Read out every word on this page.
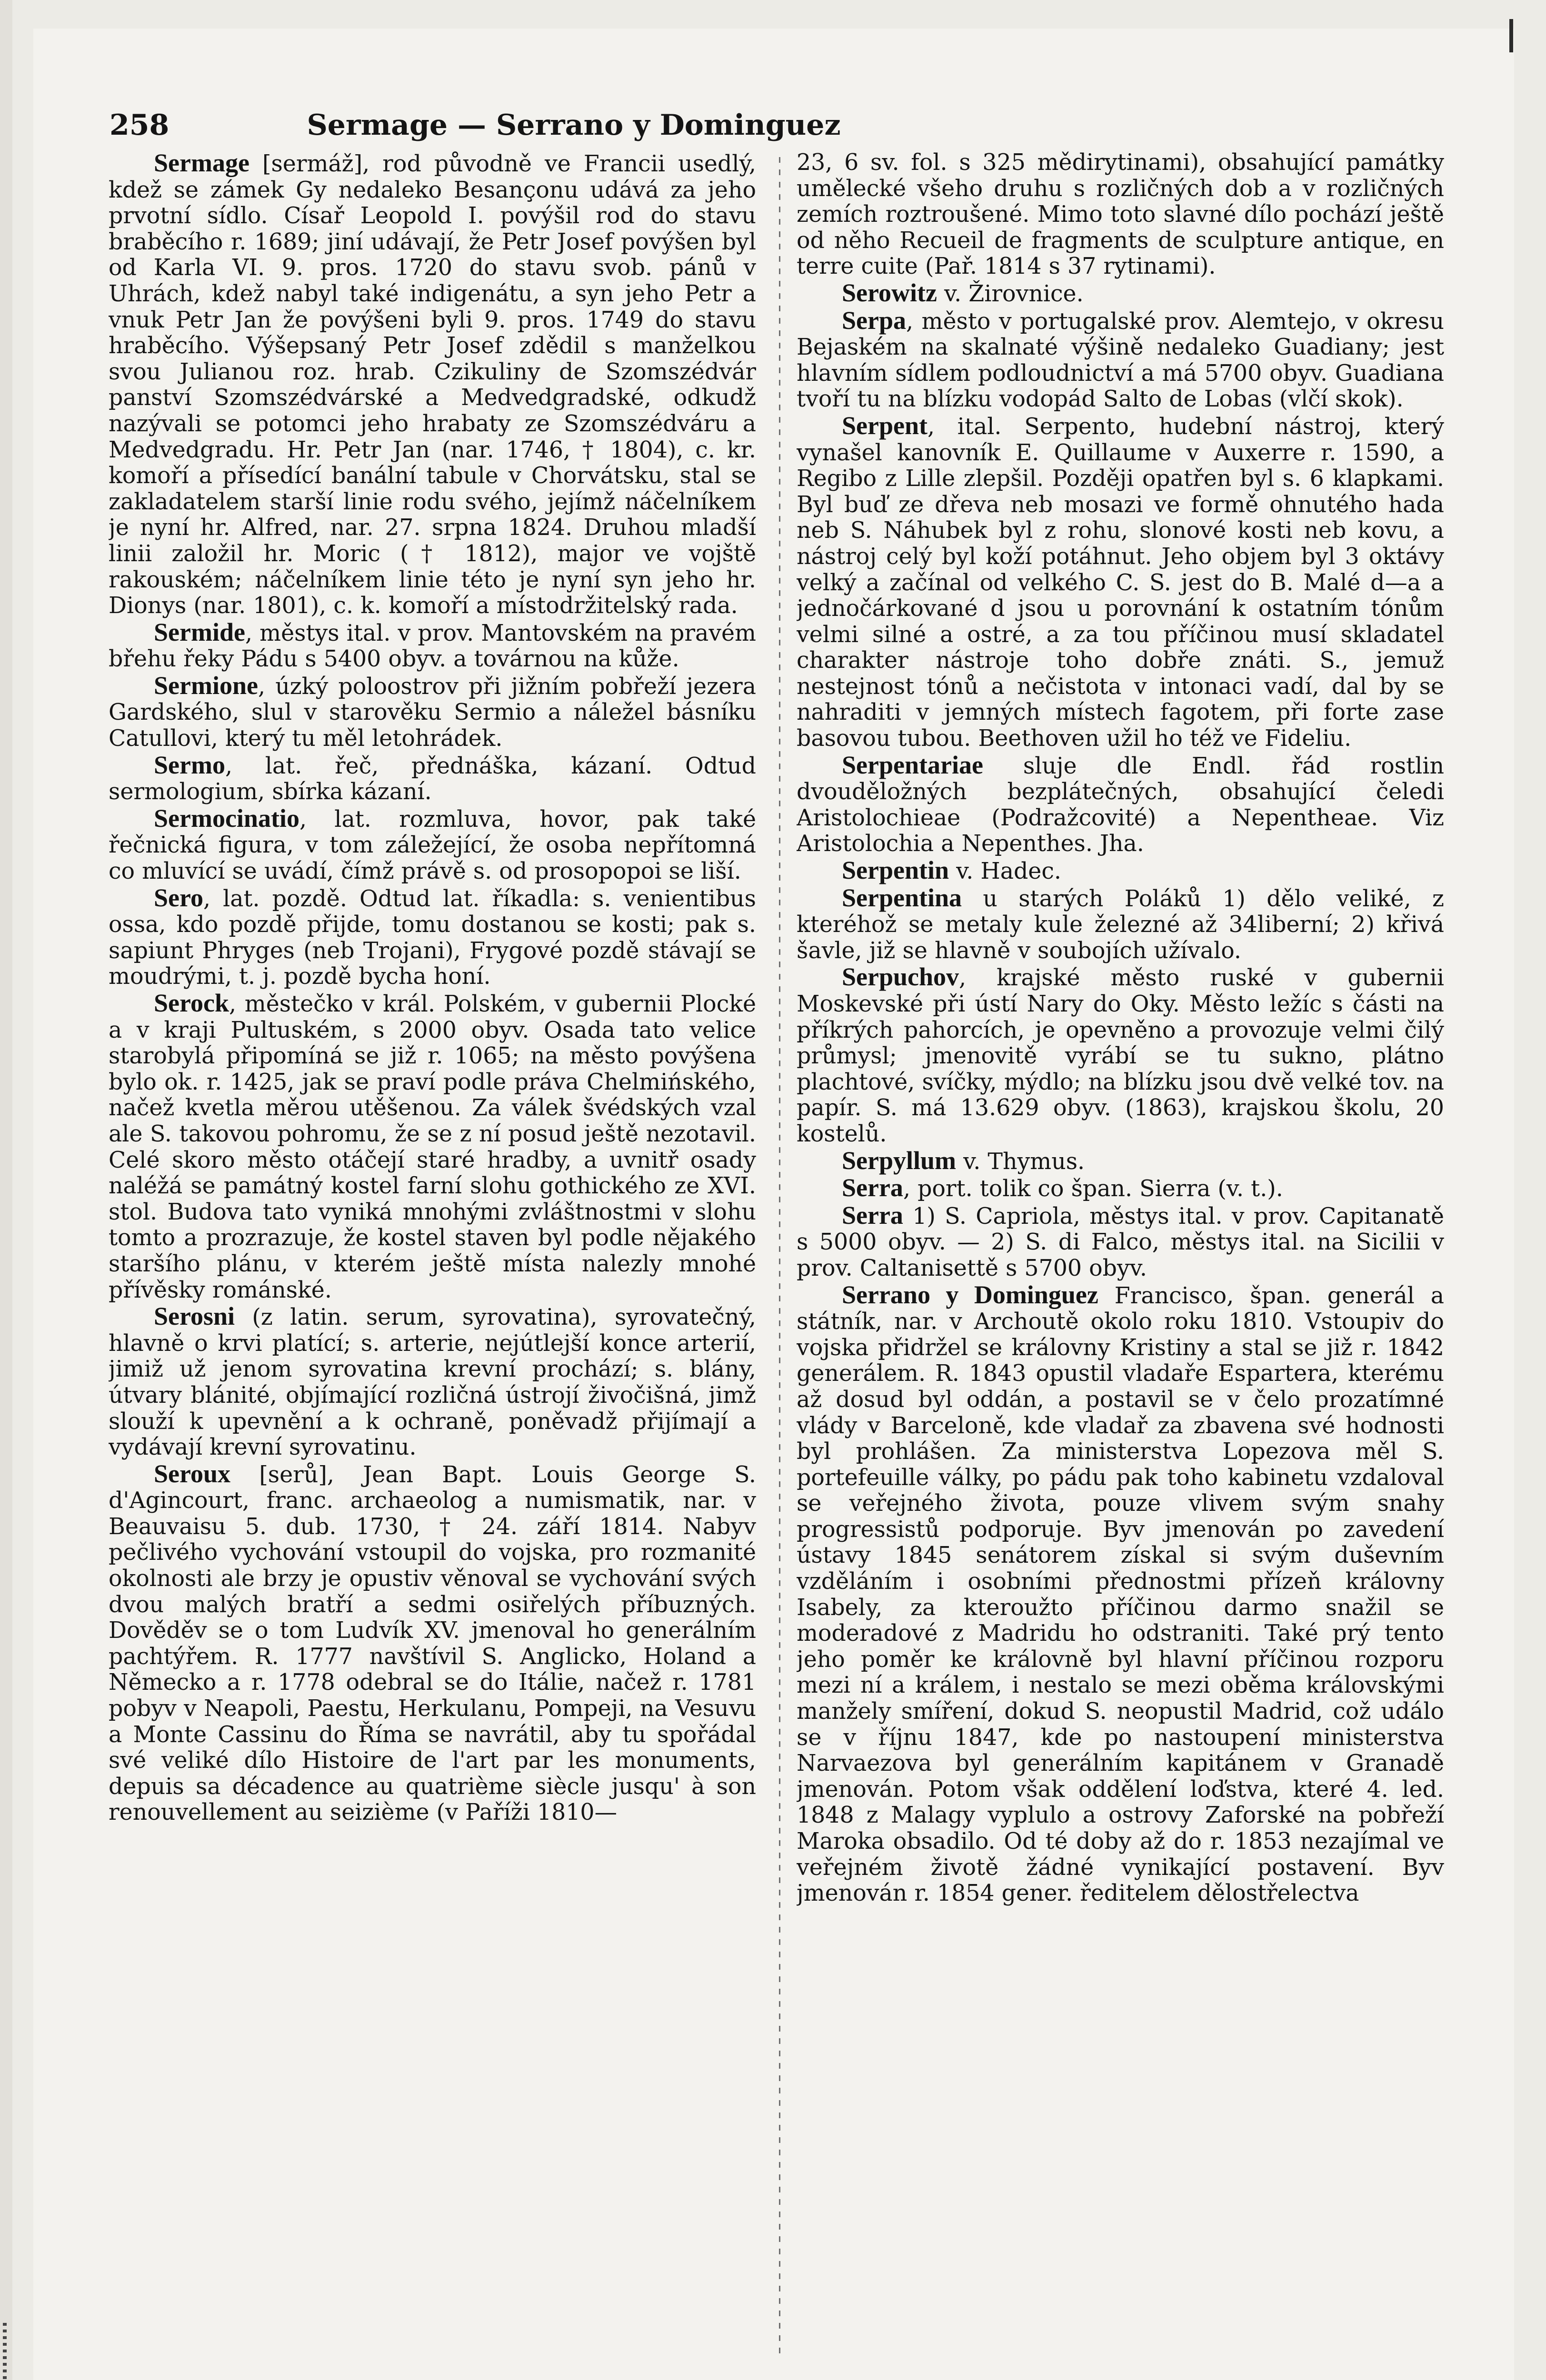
258	Sermage — Serrano y Dominguez

Sermage [sermáž], rod původně ve Francii usedlý, kdež se zámek Gy nedaleko Besançonu udává za jeho prvotní sídlo. Císař Leopold I. povýšil rod do stavu braběcího r. 1689; jiní udávají, že Petr Josef povýšen byl od Karla VI. 9. pros. 1720 do stavu svob. pánů v Uhrách, kdež nabyl také indigenátu, a syn jeho Petr a vnuk Petr Jan že povýšeni byli 9. pros. 1749 do stavu hraběcího. Výšepsaný Petr Josef zdědil s manželkou svou Julianou roz. hrab. Czikuliny de Szomszédvár panství Szomszédvárské a Medvedgradské, odkudž nazývali se potomci jeho hrabaty ze Szomszédváru a Medvedgradu. Hr. Petr Jan (nar. 1746, † 1804), c. kr. komoří a přísedící banální tabule v Chorvátsku, stal se zakladatelem starší linie rodu svého, jejímž náčelníkem je nyní hr. Alfred, nar. 27. srpna 1824. Druhou mladší linii založil hr. Moric († 1812), major ve vojště rakouském; náčelníkem linie této je nyní syn jeho hr. Dionys (nar. 1801), c. k. komoří a místodržitelský rada.

Sermide, městys ital. v prov. Mantovském na pravém břehu řeky Pádu s 5400 obyv. a továrnou na kůže.

Sermione, úzký poloostrov při jižním pobřeží jezera Gardského, slul v starověku Sermio a náležel básníku Catullovi, který tu měl letohrádek.

Sermo, lat. řeč, přednáška, kázaní. Odtud sermologium, sbírka kázaní.

Sermocinatio, lat. rozmluva, hovor, pak také řečnická figura, v tom záležející, že osoba nepřítomná co mluvící se uvádí, čímž právě s. od prosopopoi se liší.

Sero, lat. pozdě. Odtud lat. říkadla: s. venientibus ossa, kdo pozdě přijde, tomu dostanou se kosti; pak s. sapiunt Phryges (neb Trojani), Frygové pozdě stávají se moudrými, t. j. pozdě bycha honí.

Serock, městečko v král. Polském, v gubernii Plocké a v kraji Pultuském, s 2000 obyv. Osada tato velice starobylá připomíná se již r. 1065; na město povýšena bylo ok. r. 1425, jak se praví podle práva Chelmińského, načež kvetla měrou utěšenou. Za válek švédských vzal ale S. takovou pohromu, že se z ní posud ještě nezotavil. Celé skoro město otáčejí staré hradby, a uvnitř osady naléžá se památný kostel farní slohu gothického ze XVI. stol. Budova tato vyniká mnohými zvláštnostmi v slohu tomto a prozrazuje, že kostel staven byl podle nějakého staršího plánu, v kterém ještě místa nalezly mnohé přívěsky románské.

Serosni (z latin. serum, syrovatina), syrovatečný, hlavně o krvi platící; s. arterie, nejútlejší konce arterií, jimiž už jenom syrovatina krevní prochází; s. blány, útvary blánité, objímající rozličná ústrojí živočišná, jimž slouží k upevnění a k ochraně, poněvadž přijímají a vydávají krevní syrovatinu.

Seroux [serů], Jean Bapt. Louis George S. d'Agincourt, franc. archaeolog a numismatik, nar. v Beauvaisu 5. dub. 1730, † 24. září 1814. Nabyv pečlivého vychování vstoupil do vojska, pro rozmanité okolnosti ale brzy je opustiv věnoval se vychování svých dvou malých bratří a sedmi osiřelých příbuzných. Dověděv se o tom Ludvík XV. jmenoval ho generálním pachtýřem. R. 1777 navštívil S. Anglicko, Holand a Německo a r. 1778 odebral se do Itálie, načež r. 1781 pobyv v Neapoli, Paestu, Herkulanu, Pompeji, na Vesuvu a Monte Cassinu do Říma se navrátil, aby tu spořádal své veliké dílo Histoire de l'art par les monuments, depuis sa décadence au quatrième siècle jusqu' à son renouvellement au seizième (v Paříži 1810—

23, 6 sv. fol. s 325 mědirytinami), obsahující památky umělecké všeho druhu s rozličných dob a v rozličných zemích roztroušené. Mimo toto slavné dílo pochází ještě od něho Recueil de fragments de sculpture antique, en terre cuite (Pař. 1814 s 37 rytinami).

Serowitz v. Žirovnice.

Serpa, město v portugalské prov. Alemtejo, v okresu Bejaském na skalnaté výšině nedaleko Guadiany; jest hlavním sídlem podloudnictví a má 5700 obyv. Guadiana tvoří tu na blízku vodopád Salto de Lobas (vlčí skok).

Serpent, ital. Serpento, hudební nástroj, který vynašel kanovník E. Quillaume v Auxerre r. 1590, a Regibo z Lille zlepšil. Později opatřen byl s. 6 klapkami. Byl buď ze dřeva neb mosazi ve formě ohnutého hada neb S. Náhubek byl z rohu, slonové kosti neb kovu, a nástroj celý byl koží potáhnut. Jeho objem byl 3 oktávy velký a začínal od velkého C. S. jest do B. Malé d—a a jednočárkované d jsou u porovnání k ostatním tónům velmi silné a ostré, a za tou příčinou musí skladatel charakter nástroje toho dobře znáti. S., jemuž nestejnost tónů a nečistota v intonaci vadí, dal by se nahraditi v jemných místech fagotem, při forte zase basovou tubou. Beethoven užil ho též ve Fideliu.

Serpentariae sluje dle Endl. řád rostlin dvouděložných bezplátečných, obsahující čeledi Aristolochieae (Podražcovité) a Nepentheae. Viz Aristolochia a Nepenthes. Jha.

Serpentin v. Hadec.

Serpentina u starých Poláků 1) dělo veliké, z kteréhož se metaly kule železné až 34liberní; 2) křivá šavle, již se hlavně v soubojích užívalo.

Serpuchov, krajské město ruské v gubernii Moskevské při ústí Nary do Oky. Město ležíc s části na příkrých pahorcích, je opevněno a provozuje velmi čilý průmysl; jmenovitě vyrábí se tu sukno, plátno plachtové, svíčky, mýdlo; na blízku jsou dvě velké tov. na papír. S. má 13.629 obyv. (1863), krajskou školu, 20 kostelů.

Serpyllum v. Thymus.

Serra, port. tolik co špan. Sierra (v. t.).

Serra 1) S. Capriola, městys ital. v prov. Capitanatě s 5000 obyv. — 2) S. di Falco, městys ital. na Sicilii v prov. Caltanisettě s 5700 obyv.

Serrano y Dominguez Francisco, špan. generál a státník, nar. v Archoutě okolo roku 1810. Vstoupiv do vojska přidržel se královny Kristiny a stal se již r. 1842 generálem. R. 1843 opustil vladaře Espartera, kterému až dosud byl oddán, a postavil se v čelo prozatímné vlády v Barceloně, kde vladař za zbavena své hodnosti byl prohlášen. Za ministerstva Lopezova měl S. portefeuille války, po pádu pak toho kabinetu vzdaloval se veřejného života, pouze vlivem svým snahy progressistů podporuje. Byv jmenován po zavedení ústavy 1845 senátorem získal si svým duševním vzděláním i osobními přednostmi přízeň královny Isabely, za kteroužto příčinou darmo snažil se moderadové z Madridu ho odstraniti. Také prý tento jeho poměr ke královně byl hlavní příčinou rozporu mezi ní a králem, i nestalo se mezi oběma královskými manžely smíření, dokud S. neopustil Madrid, což událo se v říjnu 1847, kde po nastoupení ministerstva Narvaezova byl generálním kapitánem v Granadě jmenován. Potom však oddělení loďstva, které 4. led. 1848 z Malagy vyplulo a ostrovy Zaforské na pobřeží Maroka obsadilo. Od té doby až do r. 1853 nezajímal ve veřejném životě žádné vynikající postavení. Byv jmenován r. 1854 gener. ředitelem dělostřelectva
